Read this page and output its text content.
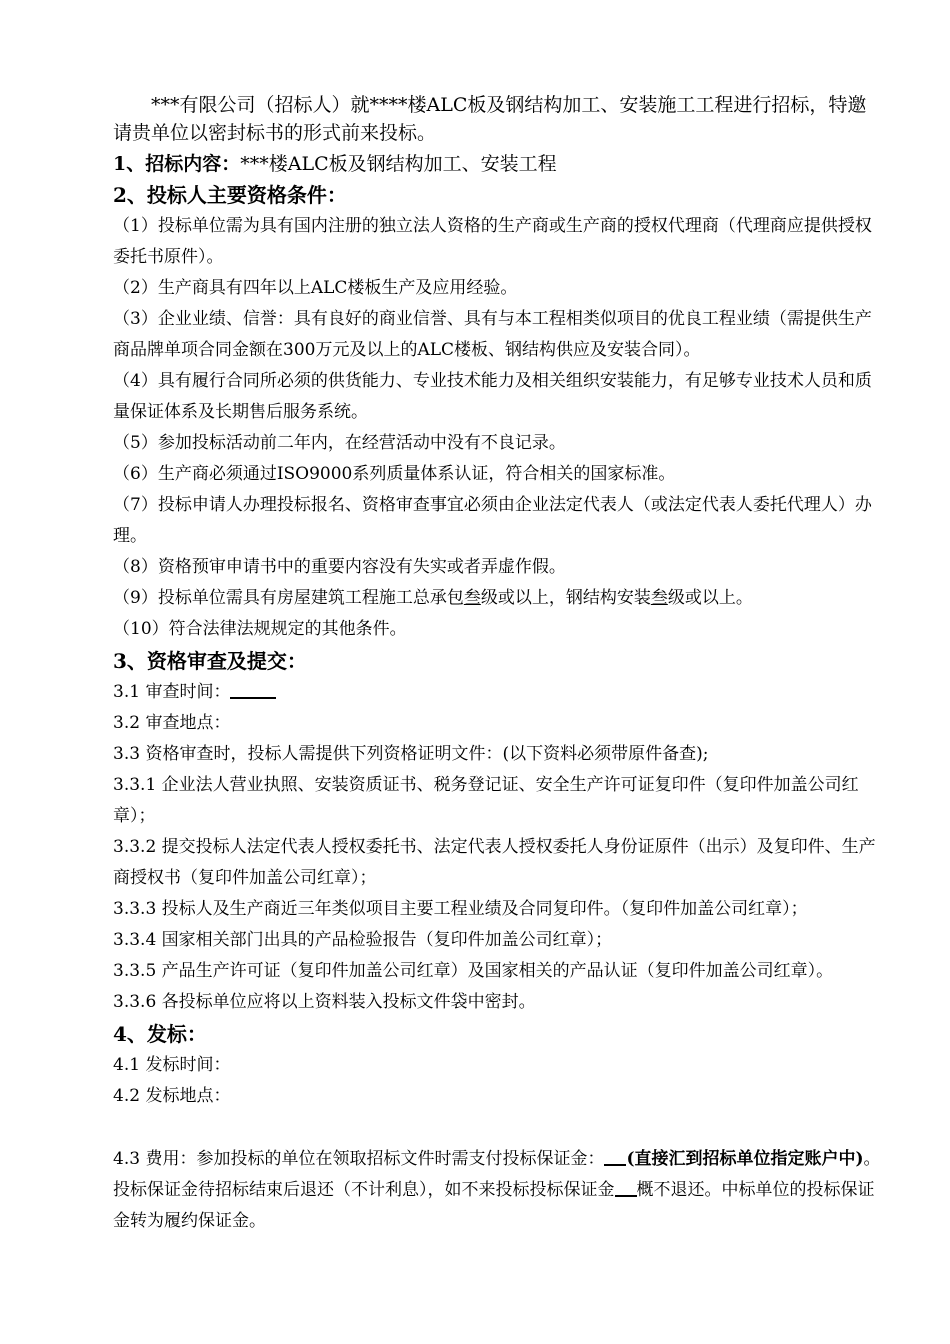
***有限公司（招标人）就****楼ALC板及钢结构加工、安装施工工程进行招标，特邀请贵单位以密封标书的形式前来投标。

1、招标内容：***楼ALC板及钢结构加工、安装工程

2、投标人主要资格条件：

（1）投标单位需为具有国内注册的独立法人资格的生产商或生产商的授权代理商（代理商应提供授权委托书原件）。
（2）生产商具有四年以上ALC楼板生产及应用经验。
（3）企业业绩、信誉：具有良好的商业信誉、具有与本工程相类似项目的优良工程业绩（需提供生产商品牌单项合同金额在300万元及以上的ALC楼板、钢结构供应及安装合同）。
（4）具有履行合同所必须的供货能力、专业技术能力及相关组织安装能力，有足够专业技术人员和质量保证体系及长期售后服务系统。
（5）参加投标活动前二年内，在经营活动中没有不良记录。
（6）生产商必须通过ISO9000系列质量体系认证，符合相关的国家标准。
（7）投标申请人办理投标报名、资格审查事宜必须由企业法定代表人（或法定代表人委托代理人）办理。
（8）资格预审申请书中的重要内容没有失实或者弄虚作假。
（9）投标单位需具有房屋建筑工程施工总承包叁级或以上，钢结构安装叁级或以上。
（10）符合法律法规规定的其他条件。

3、资格审查及提交：

3.1 审查时间：
3.2 审查地点：
3.3 资格审查时，投标人需提供下列资格证明文件：(以下资料必须带原件备查);
3.3.1 企业法人营业执照、安装资质证书、税务登记证、安全生产许可证复印件（复印件加盖公司红章）；
3.3.2 提交投标人法定代表人授权委托书、法定代表人授权委托人身份证原件（出示）及复印件、生产商授权书（复印件加盖公司红章）；
3.3.3 投标人及生产商近三年类似项目主要工程业绩及合同复印件。（复印件加盖公司红章）；
3.3.4 国家相关部门出具的产品检验报告（复印件加盖公司红章）；
3.3.5 产品生产许可证（复印件加盖公司红章）及国家相关的产品认证（复印件加盖公司红章）。
3.3.6 各投标单位应将以上资料装入投标文件袋中密封。

4、发标：

4.1 发标时间：
4.2 发标地点：
4.3 费用：参加投标的单位在领取招标文件时需支付投标保证金： (直接汇到招标单位指定账户中)。投标保证金待招标结束后退还（不计利息），如不来投标投标保证金 概不退还。中标单位的投标保证金转为履约保证金。
